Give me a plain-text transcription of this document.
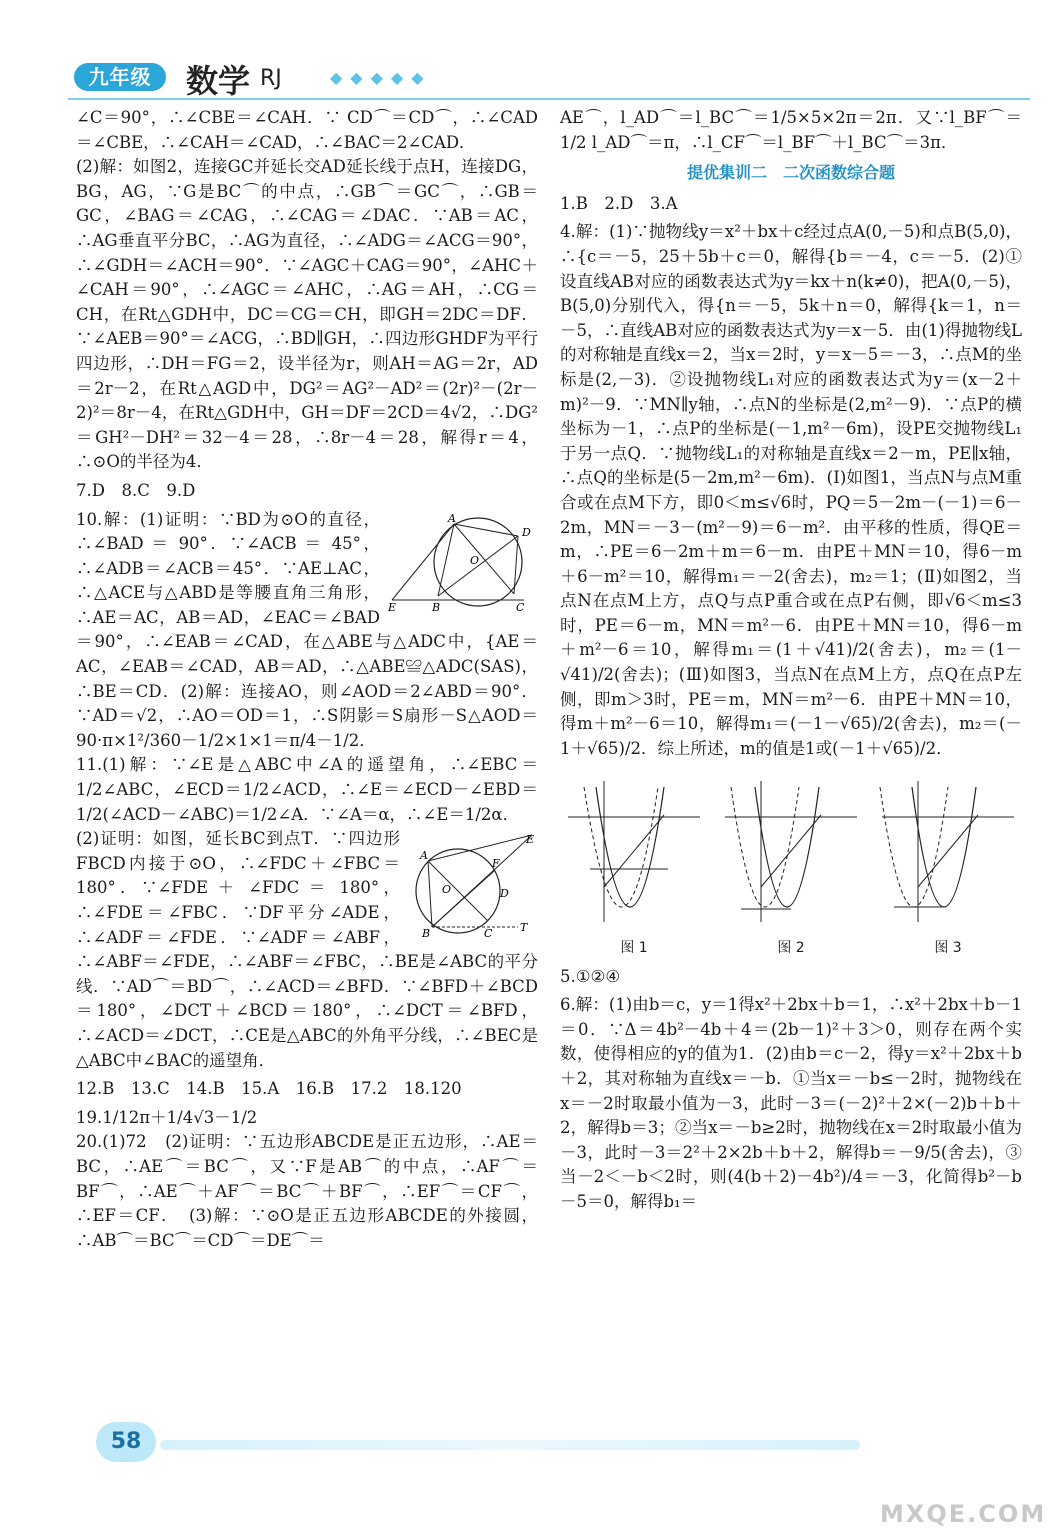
九年级	数学 RJ	◆◆◆◆◆

∠C＝90°，∴∠CBE＝∠CAH．∵ CD⌒＝CD⌒，∴∠CAD＝∠CBE，∴∠CAH＝∠CAD，∴∠BAC＝2∠CAD．

(2)解：如图2，连接GC并延长交AD延长线于点H，连接DG，BG，AG，∵G是BC⌒的中点，∴GB⌒＝GC⌒，∴GB＝GC，∠BAG＝∠CAG，∴∠CAG＝∠DAC．∵AB＝AC，∴AG垂直平分BC，∴AG为直径，∴∠ADG＝∠ACG＝90°，∴∠GDH＝∠ACH＝90°．∵∠AGC＋CAG＝90°，∠AHC＋∠CAH＝90°，∴∠AGC＝∠AHC，∴AG＝AH，∴CG＝CH，在Rt△GDH中，DC＝CG＝CH，即GH＝2DC＝DF．∵∠AEB＝90°＝∠ACG，∴BD∥GH，∴四边形GHDF为平行四边形，∴DH＝FG＝2，设半径为r，则AH＝AG＝2r，AD＝2r－2，在Rt△AGD中，DG²＝AG²－AD²＝(2r)²－(2r－2)²＝8r－4，在Rt△GDH中，GH＝DF＝2CD＝4√2，∴DG²＝GH²－DH²＝32－4＝28，∴8r－4＝28，解得r＝4，∴⊙O的半径为4．

7.D　8.C　9.D

A
D
O
E	B	C

10.解：(1)证明：∵BD为⊙O的直径，∴∠BAD ＝ 90°．∵∠ACB ＝ 45°，∴∠ADB＝∠ACB＝45°．∵AE⊥AC，∴△ACE与△ABD是等腰直角三角形，∴AE＝AC，AB＝AD，∠EAC＝∠BAD＝90°，∴∠EAB＝∠CAD，在△ABE与△ADC中，{AE＝AC，∠EAB＝∠CAD，AB＝AD，∴△ABE≌△ADC(SAS)，∴BE＝CD．(2)解：连接AO，则∠AOD＝2∠ABD＝90°．∵AD＝√2，∴AO＝OD＝1，∴S阴影＝S扇形－S△AOD＝90·π×1²/360－1/2×1×1＝π/4－1/2．

11.(1)解：∵∠E是△ABC中∠A的遥望角，∴∠EBC＝1/2∠ABC，∠ECD＝1/2∠ACD，∴∠E＝∠ECD－∠EBD＝1/2(∠ACD－∠ABC)＝1/2∠A．∵∠A＝α，∴∠E＝1/2α．

A
E
F
O	D
B	C	T

(2)证明：如图，延长BC到点T．∵四边形FBCD内接于⊙O，∴∠FDC＋∠FBC＝180°．∵∠FDE ＋ ∠FDC ＝ 180°，∴∠FDE＝∠FBC．∵DF平分∠ADE，∴∠ADF＝∠FDE．∵∠ADF＝∠ABF，∴∠ABF＝∠FDE，∴∠ABF＝∠FBC，∴BE是∠ABC的平分线．∵AD⌒＝BD⌒，∴∠ACD＝∠BFD．∵∠BFD＋∠BCD＝180°，∠DCT＋∠BCD＝180°，∴∠DCT＝∠BFD，∴∠ACD＝∠DCT，∴CE是△ABC的外角平分线，∴∠BEC是△ABC中∠BAC的遥望角．

12.B　13.C　14.B　15.A　16.B　17.2　18.120

19.1/12π＋1/4√3－1/2

20.(1)72　(2)证明：∵五边形ABCDE是正五边形，∴AE＝BC，∴AE⌒＝BC⌒，又∵F是AB⌒的中点，∴AF⌒＝BF⌒，∴AE⌒＋AF⌒＝BC⌒＋BF⌒，∴EF⌒＝CF⌒，∴EF＝CF．　(3)解：∵⊙O是正五边形ABCDE的外接圆，∴AB⌒＝BC⌒＝CD⌒＝DE⌒＝

AE⌒，l_AD⌒＝l_BC⌒＝1/5×5×2π＝2π．又∵l_BF⌒＝1/2 l_AD⌒＝π，∴l_CF⌒＝l_BF⌒＋l_BC⌒＝3π．

提优集训二　二次函数综合题

1.B　2.D　3.A

4.解：(1)∵抛物线y＝x²＋bx＋c经过点A(0,－5)和点B(5,0)，∴{c＝－5，25＋5b＋c＝0，解得{b＝－4，c＝－5．(2)①设直线AB对应的函数表达式为y＝kx＋n(k≠0)，把A(0,－5)，B(5,0)分别代入，得{n＝－5，5k＋n＝0，解得{k＝1，n＝－5，∴直线AB对应的函数表达式为y＝x－5．由(1)得抛物线L的对称轴是直线x＝2，当x＝2时，y＝x－5＝－3，∴点M的坐标是(2,－3)．②设抛物线L₁对应的函数表达式为y＝(x－2＋m)²－9．∵MN∥y轴，∴点N的坐标是(2,m²－9)．∵点P的横坐标为－1，∴点P的坐标是(－1,m²－6m)，设PE交抛物线L₁于另一点Q．∵抛物线L₁的对称轴是直线x＝2－m，PE∥x轴，∴点Q的坐标是(5－2m,m²－6m)．(Ⅰ)如图1，当点N与点M重合或在点M下方，即0＜m≤√6时，PQ＝5－2m－(－1)＝6－2m，MN＝－3－(m²－9)＝6－m²．由平移的性质，得QE＝m，∴PE＝6－2m＋m＝6－m．由PE＋MN＝10，得6－m＋6－m²＝10，解得m₁＝－2(舍去)，m₂＝1；(Ⅱ)如图2，当点N在点M上方，点Q与点P重合或在点P右侧，即√6＜m≤3时，PE＝6－m，MN＝m²－6．由PE＋MN＝10，得6－m＋m²－6＝10，解得m₁＝(1＋√41)/2(舍去)，m₂＝(1－√41)/2(舍去)；(Ⅲ)如图3，当点N在点M上方，点Q在点P左侧，即m＞3时，PE＝m，MN＝m²－6．由PE＋MN＝10，得m＋m²－6＝10，解得m₁＝(－1－√65)/2(舍去)，m₂＝(－1＋√65)/2．综上所述，m的值是1或(－1＋√65)/2．

图 1	图 2	图 3

5.①②④

6.解：(1)由b＝c，y＝1得x²＋2bx＋b＝1，∴x²＋2bx＋b－1＝0．∵Δ＝4b²－4b＋4＝(2b－1)²＋3＞0，则存在两个实数，使得相应的y的值为1．(2)由b＝c－2，得y＝x²＋2bx＋b＋2，其对称轴为直线x＝－b．①当x＝－b≤－2时，抛物线在x＝－2时取最小值为－3，此时－3＝(－2)²＋2×(－2)b＋b＋2，解得b＝3；②当x＝－b≥2时，抛物线在x＝2时取最小值为－3，此时－3＝2²＋2×2b＋b＋2，解得b＝－9/5(舍去)，③当－2＜－b＜2时，则(4(b＋2)－4b²)/4＝－3，化简得b²－b－5＝0，解得b₁＝

58
MXQE.COM
